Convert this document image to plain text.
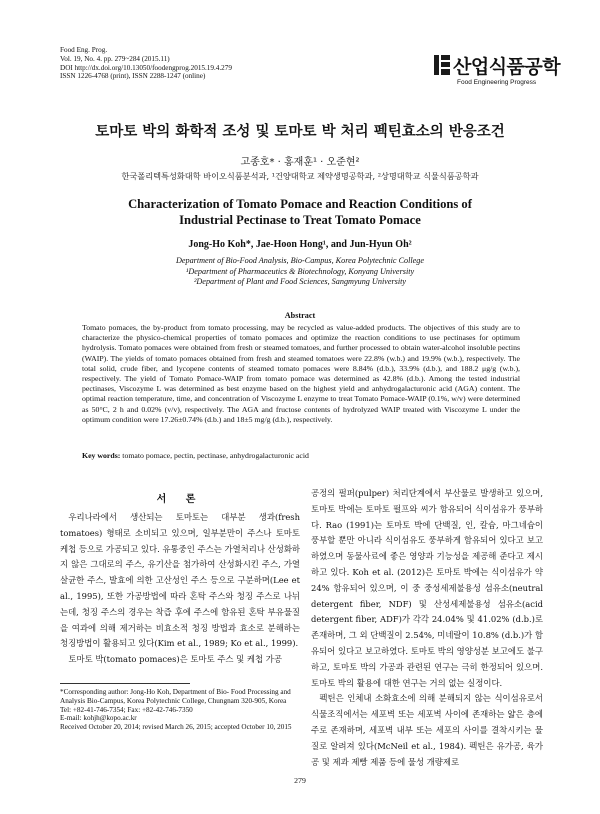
Food Eng. Prog.
Vol. 19, No. 4. pp. 279~284 (2015.11)
DOI http://dx.doi.org/10.13050/foodengprog.2015.19.4.279
ISSN 1226-4768 (print), ISSN 2288-1247 (online)	산업식품공학
Food Engineering Progress
토마토 박의 화학적 조성 및 토마토 박 처리 펙틴효소의 반응조건
고종호* · 홍재훈¹ · 오준현²
한국폴리텍특성화대학 바이오식품분석과, ¹건양대학교 제약생명공학과, ²상명대학교 식물식품공학과
Characterization of Tomato Pomace and Reaction Conditions of
Industrial Pectinase to Treat Tomato Pomace
Jong-Ho Koh*, Jae-Hoon Hong¹, and Jun-Hyun Oh²
Department of Bio-Food Analysis, Bio-Campus, Korea Polytechnic College
¹Department of Pharmaceutics & Biotechnology, Konyang University
²Department of Plant and Food Sciences, Sangmyung University
Abstract
Tomato pomaces, the by-product from tomato processing, may be recycled as value-added products. The objectives of this study are to characterize the physico-chemical properties of tomato pomaces and optimize the reaction conditions to use pectinases for optimum hydrolysis. Tomato pomaces were obtained from fresh or steamed tomatoes, and further processed to obtain water-alcohol insoluble pectins (WAIP). The yields of tomato pomaces obtained from fresh and steamed tomatoes were 22.8% (w.b.) and 19.9% (w.b.), respectively. The total solid, crude fiber, and lycopene contents of steamed tomato pomaces were 8.84% (d.b.), 33.9% (d.b.), and 188.2 μg/g (w.b.), respectively. The yield of Tomato Pomace-WAIP from tomato pomace was determined as 42.8% (d.b.). Among the tested industrial pectinases, Viscozyme L was determined as best enzyme based on the highest yield and anhydrogalacturonic acid (AGA) content. The optimal reaction temperature, time, and concentration of Viscozyme L enzyme to treat Tomato Pomace-WAIP (0.1%, w/v) were determined as 50°C, 2 h and 0.02% (v/v), respectively. The AGA and fructose contents of hydrolyzed WAIP treated with Viscozyme L under the optimum condition were 17.26±0.74% (d.b.) and 18±5 mg/g (d.b.), respectively.
Key words: tomato pomace, pectin, pectinase, anhydrogalacturonic acid
서 론

우리나라에서 생산되는 토마토는 대부분 생과(fresh tomatoes) 형태로 소비되고 있으며, 일부분만이 주스나 토마토 케첩 등으로 가공되고 있다. 유통중인 주스는 가열처리나 산성화하지 않은 그대로의 주스, 유기산을 첨가하여 산성화시킨 주스, 가열 살균한 주스, 발효에 의한 고산성인 주스 등으로 구분하며(Lee et al., 1995), 또한 가공방법에 따라 혼탁 주스와 청징 주스로 나뉘는데, 청징 주스의 경우는 착즙 후에 주스에 함유된 혼탁 부유물질을 여과에 의해 제거하는 비효소적 청징 방법과 효소로 분해하는 청징방법이 활용되고 있다(Kim et al., 1989; Ko et al., 1999).

토마토 박(tomato pomaces)은 토마토 주스 및 케첩 가공

공정의 펄퍼(pulper) 처리단계에서 부산물로 발생하고 있으며, 토마토 박에는 토마토 펄프와 씨가 함유되어 식이섬유가 풍부하다. Rao (1991)는 토마토 박에 단백질, 인, 칼슘, 마그네슘이 풍부할 뿐만 아니라 식이섬유도 풍부하게 함유되어 있다고 보고하였으며 동물사료에 좋은 영양과 기능성을 제공해 준다고 제시하고 있다. Koh et al. (2012)은 토마토 박에는 식이섬유가 약 24% 함유되어 있으며, 이 중 중성세제불용성 섬유소(neutral detergent fiber, NDF) 및 산성세제불용성 섬유소(acid detergent fiber, ADF)가 각각 24.04% 및 41.02% (d.b.)로 존재하며, 그 외 단백질이 2.54%, 미네랄이 10.8% (d.b.)가 함유되어 있다고 보고하였다. 토마토 박의 영양성분 보고에도 불구하고, 토마토 박의 가공과 관련된 연구는 극히 한정되어 있으며. 토마토 박의 활용에 대한 연구는 거의 없는 실정이다.

펙틴은 인체내 소화효소에 의해 분해되지 않는 식이섬유로서 식물조직에서는 세포벽 또는 세포벽 사이에 존재하는 얇은 층에 주로 존재하며, 세포벽 내부 또는 세포의 사이를 결착시키는 물질로 알려져 있다(McNeil et al., 1984). 펙틴은 유가공, 육가공 및 제과 제빵 제품 등에 물성 개량제로

*Corresponding author: Jong-Ho Koh, Department of Bio- Food Processing and Analysis Bio-Campus, Korea Polytechnic College, Chungnam 320-905, Korea
Tel: +82-41-746-7354; Fax: +82-42-746-7350
E-mail: kohjh@kopo.ac.kr
Received October 20, 2014; revised March 26, 2015; accepted October 10, 2015
279
